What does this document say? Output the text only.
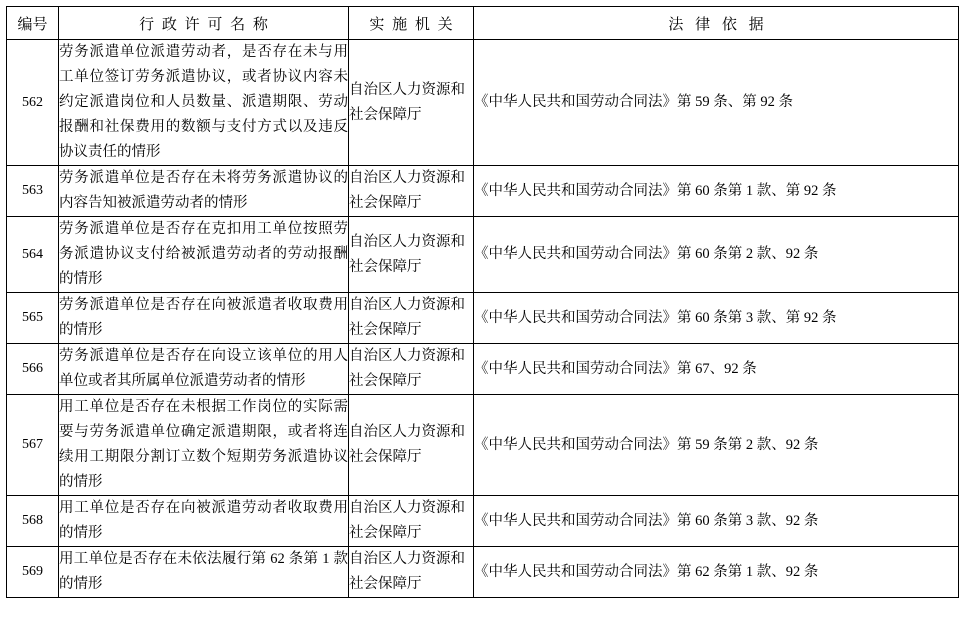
编号	行 政 许 可 名 称	实 施 机 关	法 律 依 据

562	劳务派遣单位派遣劳动者，是否存在未与用工单位签订劳务派遣协议，或者协议内容未约定派遣岗位和人员数量、派遣期限、劳动报酬和社保费用的数额与支付方式以及违反协议责任的情形	自治区人力资源和社会保障厅	《中华人民共和国劳动合同法》第 59 条、第 92 条
563	劳务派遣单位是否存在未将劳务派遣协议的内容告知被派遣劳动者的情形	自治区人力资源和社会保障厅	《中华人民共和国劳动合同法》第 60 条第 1 款、第 92 条
564	劳务派遣单位是否存在克扣用工单位按照劳务派遣协议支付给被派遣劳动者的劳动报酬的情形	自治区人力资源和社会保障厅	《中华人民共和国劳动合同法》第 60 条第 2 款、92 条
565	劳务派遣单位是否存在向被派遣者收取费用的情形	自治区人力资源和社会保障厅	《中华人民共和国劳动合同法》第 60 条第 3 款、第 92 条
566	劳务派遣单位是否存在向设立该单位的用人单位或者其所属单位派遣劳动者的情形	自治区人力资源和社会保障厅	《中华人民共和国劳动合同法》第 67、92 条
567	用工单位是否存在未根据工作岗位的实际需要与劳务派遣单位确定派遣期限，或者将连续用工期限分割订立数个短期劳务派遣协议的情形	自治区人力资源和社会保障厅	《中华人民共和国劳动合同法》第 59 条第 2 款、92 条
568	用工单位是否存在向被派遣劳动者收取费用的情形	自治区人力资源和社会保障厅	《中华人民共和国劳动合同法》第 60 条第 3 款、92 条
569	用工单位是否存在未依法履行第 62 条第 1 款的情形	自治区人力资源和社会保障厅	《中华人民共和国劳动合同法》第 62 条第 1 款、92 条
